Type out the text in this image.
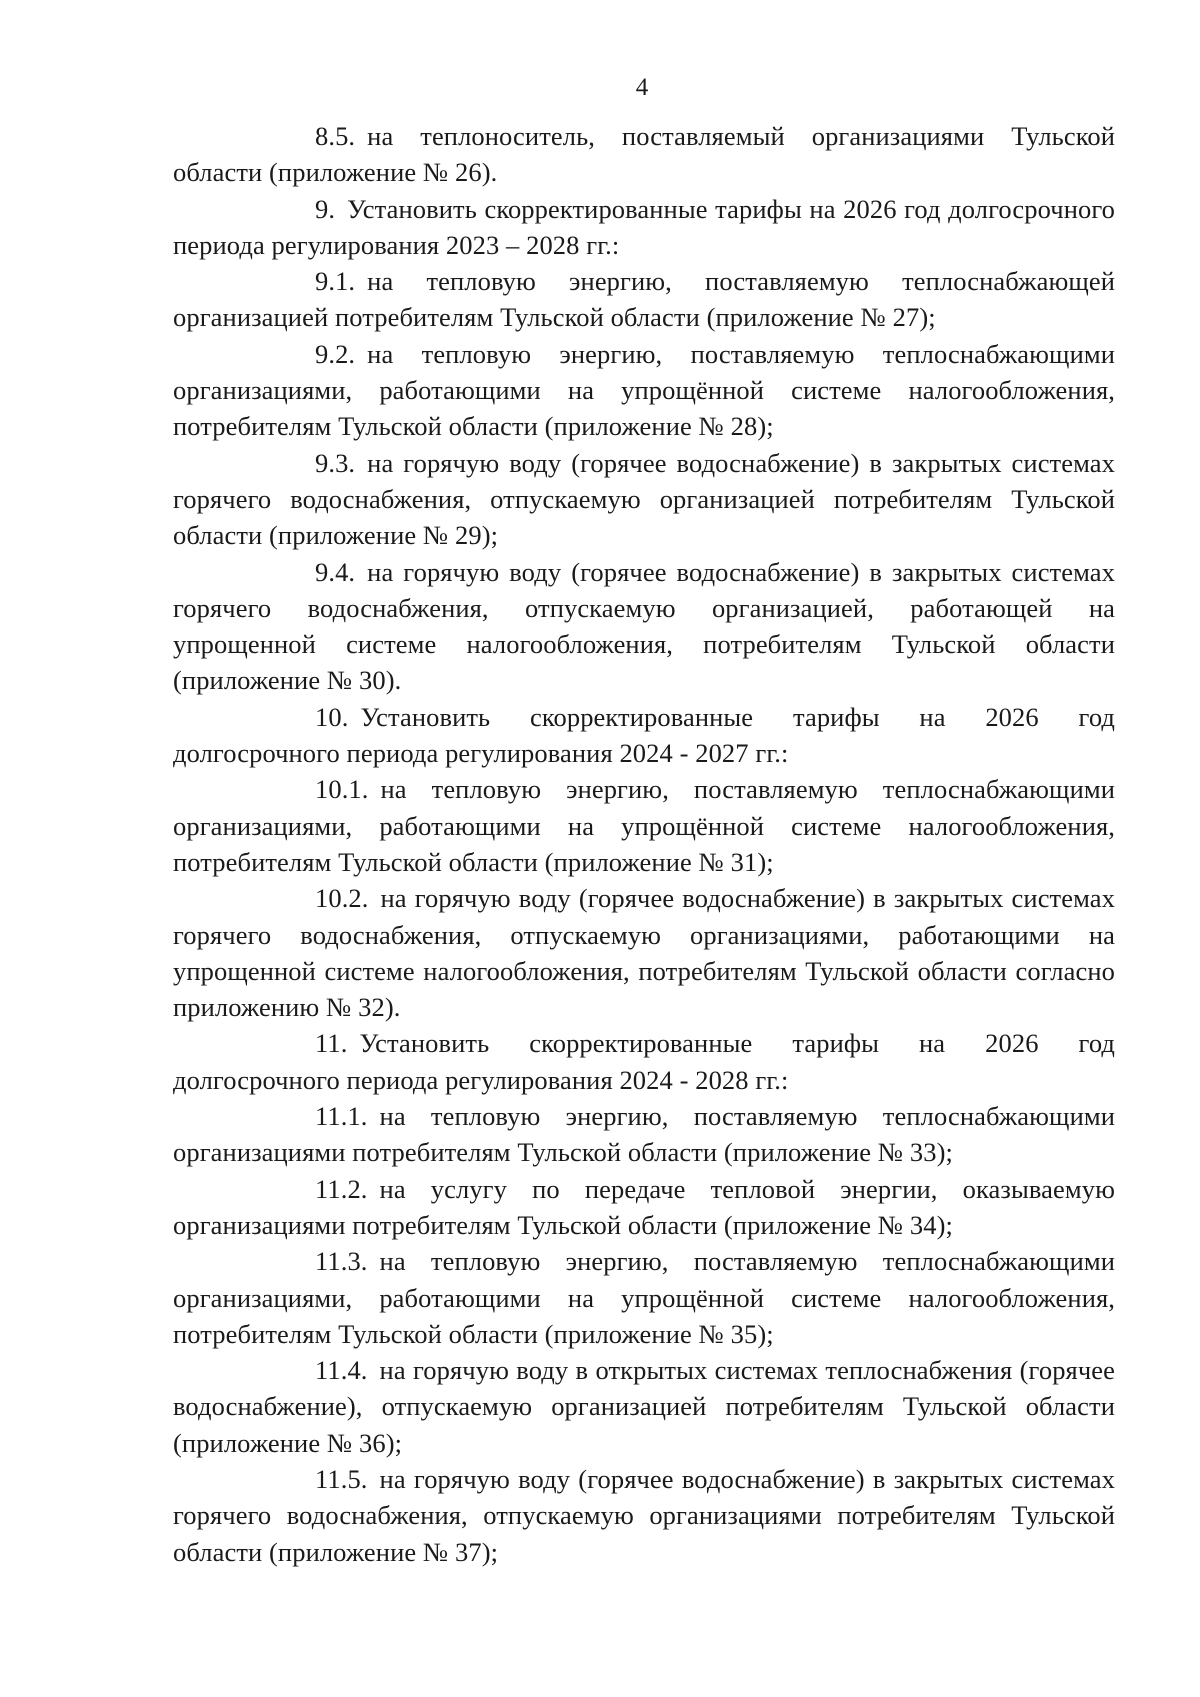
4

8.5. на теплоноситель, поставляемый организациями Тульской области (приложение № 26).

9. Установить скорректированные тарифы на 2026 год долгосрочного периода регулирования 2023 – 2028 гг.:

9.1. на тепловую энергию, поставляемую теплоснабжающей организацией потребителям Тульской области (приложение № 27);

9.2. на тепловую энергию, поставляемую теплоснабжающими организациями, работающими на упрощённой системе налогообложения, потребителям Тульской области (приложение № 28);

9.3. на горячую воду (горячее водоснабжение) в закрытых системах горячего водоснабжения, отпускаемую организацией потребителям Тульской области (приложение № 29);

9.4. на горячую воду (горячее водоснабжение) в закрытых системах горячего водоснабжения, отпускаемую организацией, работающей на упрощенной системе налогообложения, потребителям Тульской области (приложение № 30).

10. Установить скорректированные тарифы на 2026 год долгосрочного периода регулирования 2024 - 2027 гг.:

10.1. на тепловую энергию, поставляемую теплоснабжающими организациями, работающими на упрощённой системе налогообложения, потребителям Тульской области (приложение № 31);

10.2. на горячую воду (горячее водоснабжение) в закрытых системах горячего водоснабжения, отпускаемую организациями, работающими на упрощенной системе налогообложения, потребителям Тульской области согласно приложению № 32).

11. Установить скорректированные тарифы на 2026 год долгосрочного периода регулирования 2024 - 2028 гг.:

11.1. на тепловую энергию, поставляемую теплоснабжающими организациями потребителям Тульской области (приложение № 33);

11.2. на услугу по передаче тепловой энергии, оказываемую организациями потребителям Тульской области (приложение № 34);

11.3. на тепловую энергию, поставляемую теплоснабжающими организациями, работающими на упрощённой системе налогообложения, потребителям Тульской области (приложение № 35);

11.4. на горячую воду в открытых системах теплоснабжения (горячее водоснабжение), отпускаемую организацией потребителям Тульской области (приложение № 36);

11.5. на горячую воду (горячее водоснабжение) в закрытых системах горячего водоснабжения, отпускаемую организациями потребителям Тульской области (приложение № 37);
